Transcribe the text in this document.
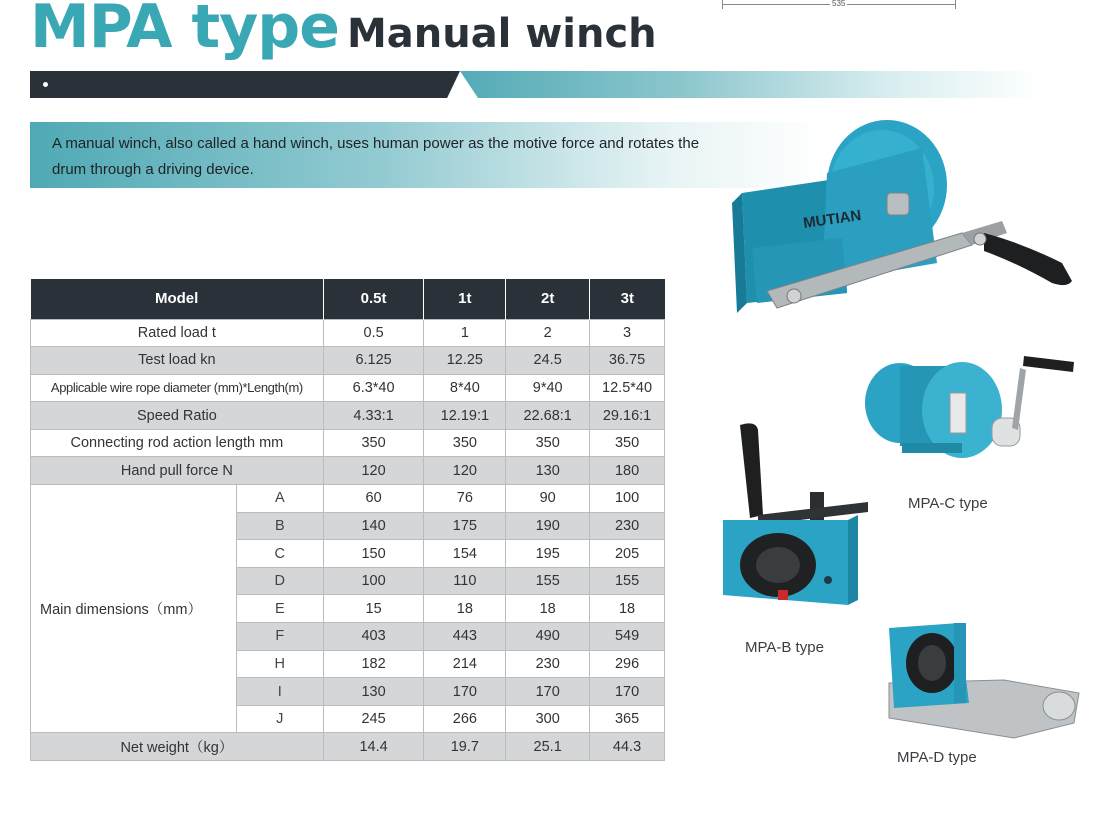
535
MPA type Manual winch
A manual winch, also called a hand winch, uses human power as the motive force and rotates the
drum through a driving device.
MUTIAN
MPA-C type
MPA-B type
MPA-D type
Model		0.5t	1t	2t	3t
Rated load t		0.5	1	2	3
Test load kn		6.125	12.25	24.5	36.75
Applicable wire rope diameter (mm)*Length(m)		6.3*40	8*40	9*40	12.5*40
Speed Ratio		4.33:1	12.19:1	22.68:1	29.16:1
Connecting rod action length mm		350	350	350	350
Hand pull force N		120	120	130	180
Main dimensions（mm）	A	60	76	90	100
	B	140	175	190	230
	C	150	154	195	205
	D	100	110	155	155
	E	15	18	18	18
	F	403	443	490	549
	H	182	214	230	296
	I	130	170	170	170
	J	245	266	300	365
Net weight（kg）		14.4	19.7	25.1	44.3
